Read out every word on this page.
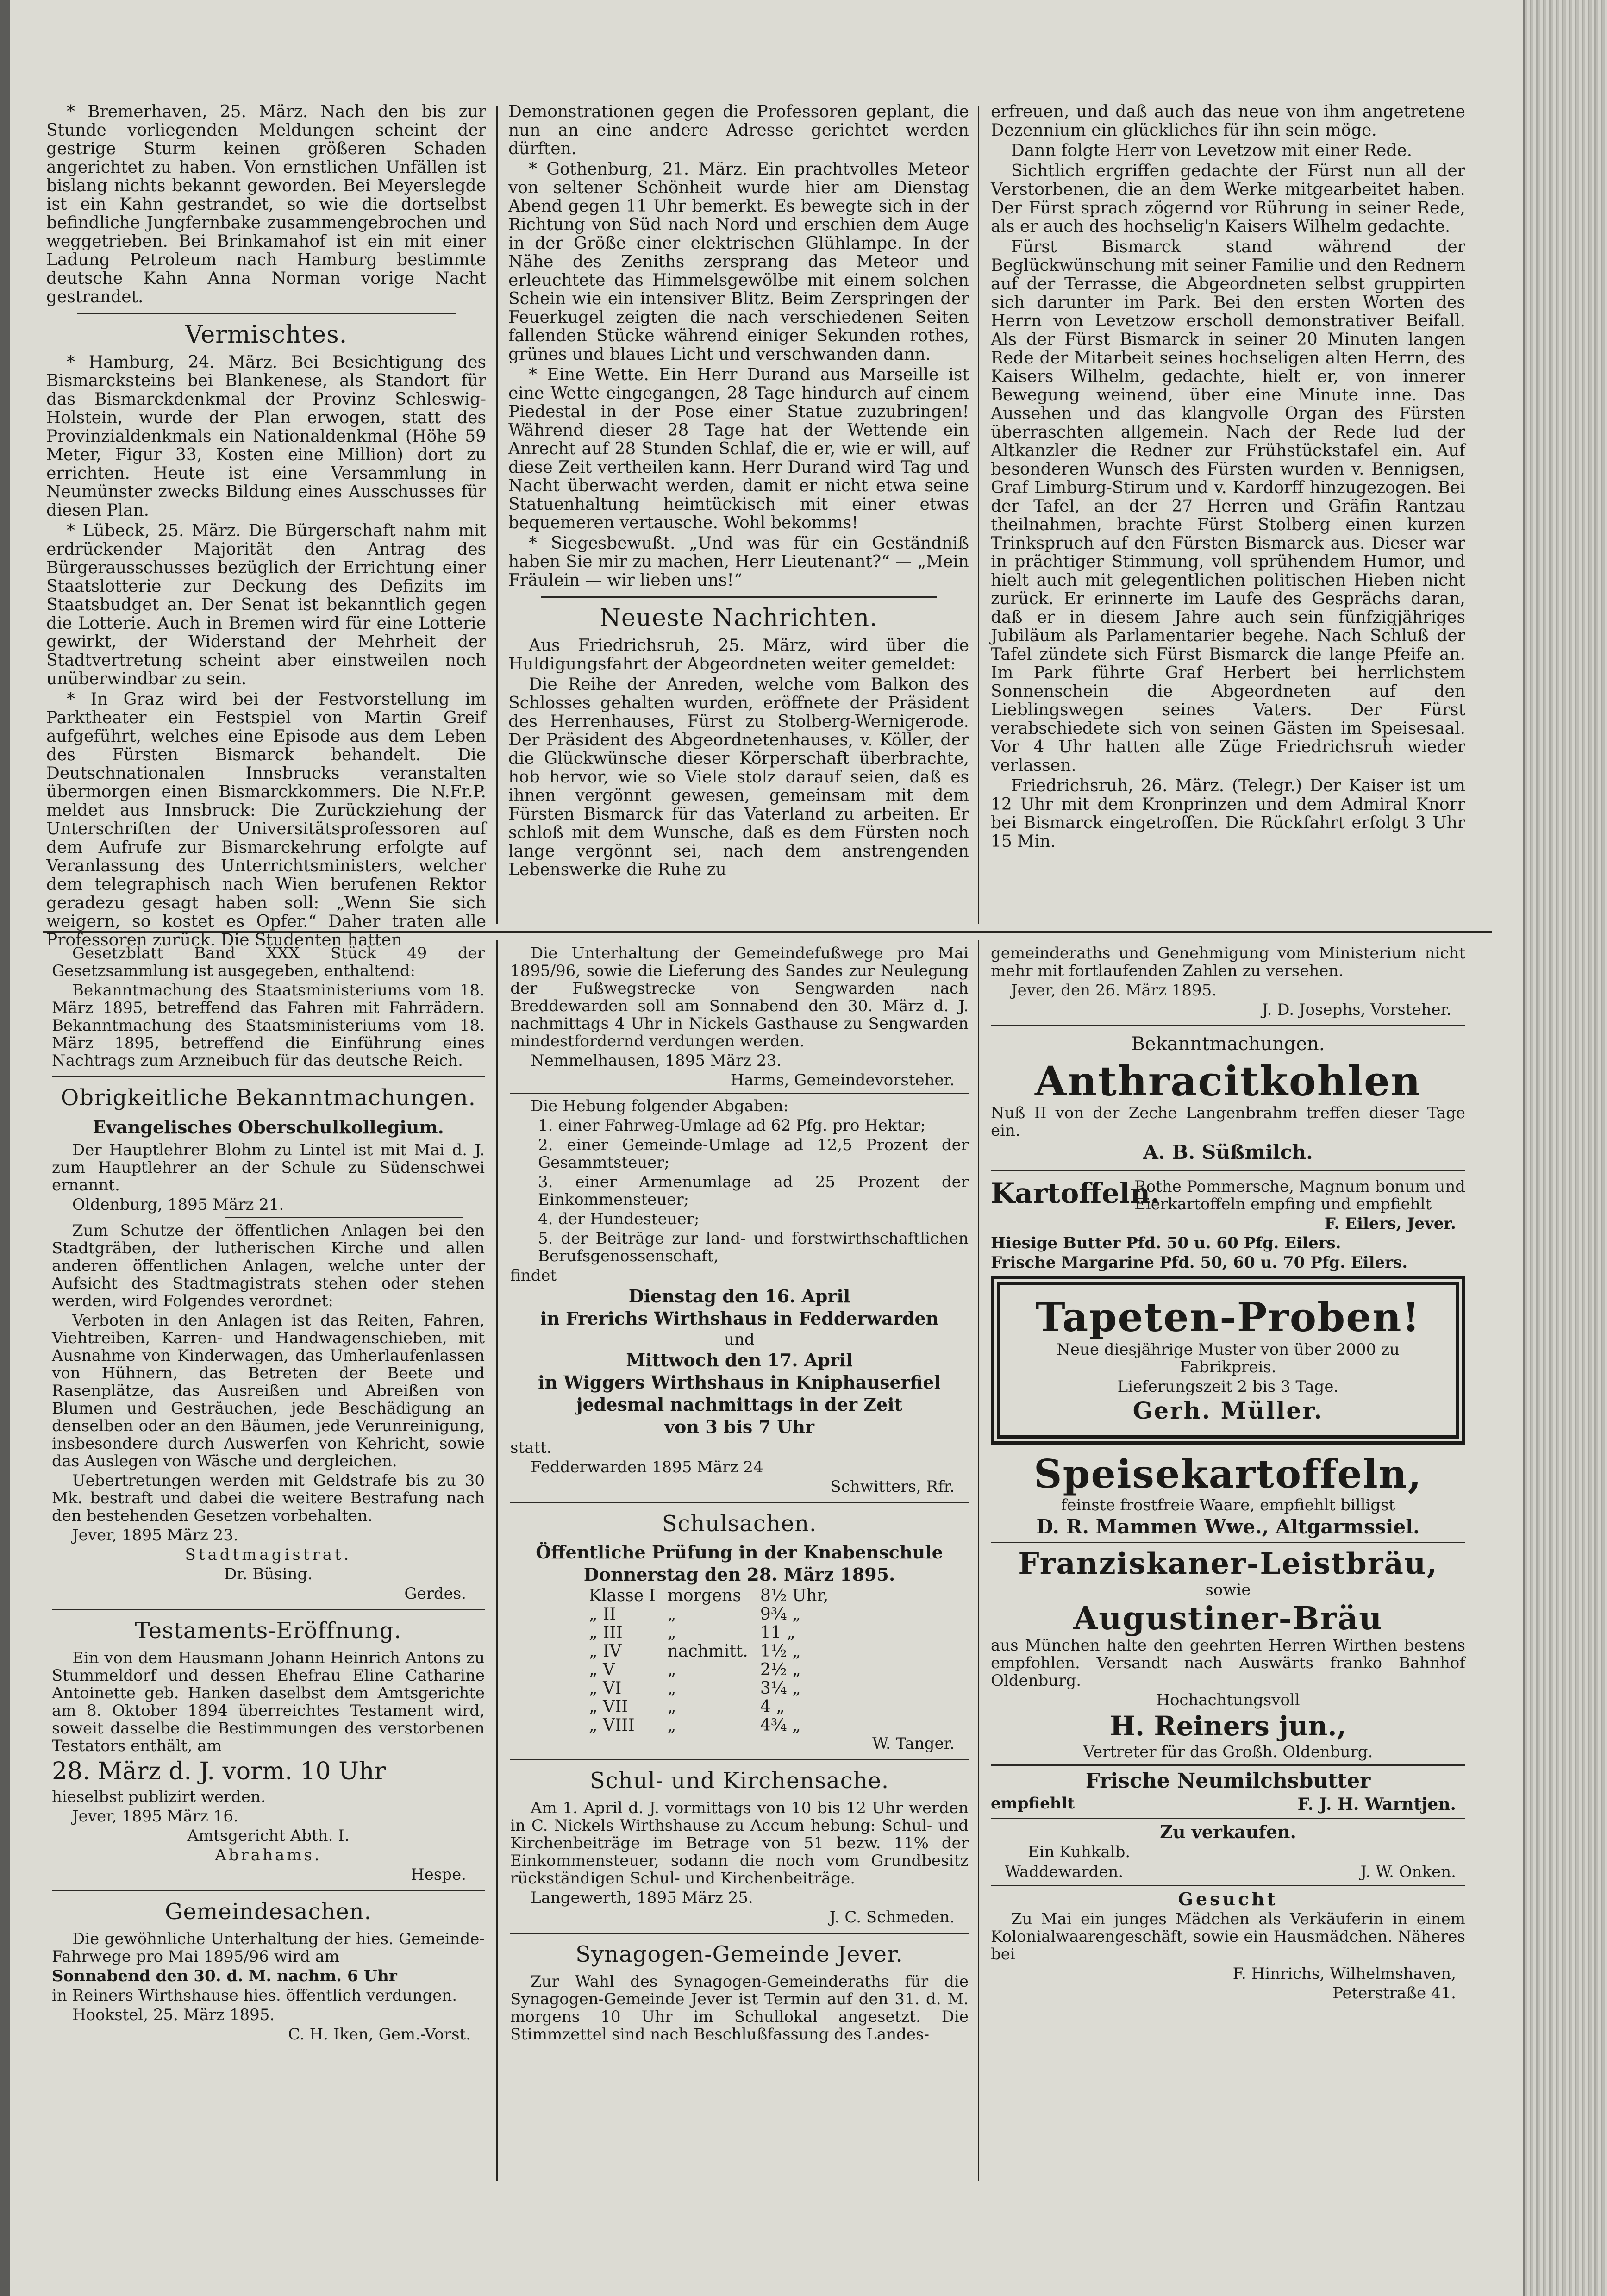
* Bremerhaven, 25. März. Nach den bis zur Stunde vorliegenden Meldungen scheint der gestrige Sturm keinen größeren Schaden angerichtet zu haben. Von ernstlichen Unfällen ist bislang nichts bekannt geworden. Bei Meyerslegde ist ein Kahn gestrandet, so wie die dortselbst befindliche Jungfernbake zusammengebrochen und weggetrieben. Bei Brinkamahof ist ein mit einer Ladung Petroleum nach Hamburg bestimmte deutsche Kahn Anna Norman vorige Nacht gestrandet.

Vermischtes.

* Hamburg, 24. März. Bei Besichtigung des Bismarcksteins bei Blankenese, als Standort für das Bismarckdenkmal der Provinz Schleswig-Holstein, wurde der Plan erwogen, statt des Provinzialdenkmals ein Nationaldenkmal (Höhe 59 Meter, Figur 33, Kosten eine Million) dort zu errichten. Heute ist eine Versammlung in Neumünster zwecks Bildung eines Ausschusses für diesen Plan.

* Lübeck, 25. März. Die Bürgerschaft nahm mit erdrückender Majorität den Antrag des Bürgerausschusses bezüglich der Errichtung einer Staatslotterie zur Deckung des Defizits im Staatsbudget an. Der Senat ist bekanntlich gegen die Lotterie. Auch in Bremen wird für eine Lotterie gewirkt, der Widerstand der Mehrheit der Stadtvertretung scheint aber einstweilen noch unüberwindbar zu sein.

* In Graz wird bei der Festvorstellung im Parktheater ein Festspiel von Martin Greif aufgeführt, welches eine Episode aus dem Leben des Fürsten Bismarck behandelt. Die Deutschnationalen Innsbrucks veranstalten übermorgen einen Bismarckkommers. Die N.Fr.P. meldet aus Innsbruck: Die Zurückziehung der Unterschriften der Universitätsprofessoren auf dem Aufrufe zur Bismarckehrung erfolgte auf Veranlassung des Unterrichtsministers, welcher dem telegraphisch nach Wien berufenen Rektor geradezu gesagt haben soll: „Wenn Sie sich weigern, so kostet es Opfer.“ Daher traten alle Professoren zurück. Die Studenten hatten

Demonstrationen gegen die Professoren geplant, die nun an eine andere Adresse gerichtet werden dürften.

* Gothenburg, 21. März. Ein prachtvolles Meteor von seltener Schönheit wurde hier am Dienstag Abend gegen 11 Uhr bemerkt. Es bewegte sich in der Richtung von Süd nach Nord und erschien dem Auge in der Größe einer elektrischen Glühlampe. In der Nähe des Zeniths zersprang das Meteor und erleuchtete das Himmelsgewölbe mit einem solchen Schein wie ein intensiver Blitz. Beim Zerspringen der Feuerkugel zeigten die nach verschiedenen Seiten fallenden Stücke während einiger Sekunden rothes, grünes und blaues Licht und verschwanden dann.

* Eine Wette. Ein Herr Durand aus Marseille ist eine Wette eingegangen, 28 Tage hindurch auf einem Piedestal in der Pose einer Statue zuzubringen! Während dieser 28 Tage hat der Wettende ein Anrecht auf 28 Stunden Schlaf, die er, wie er will, auf diese Zeit vertheilen kann. Herr Durand wird Tag und Nacht überwacht werden, damit er nicht etwa seine Statuenhaltung heimtückisch mit einer etwas bequemeren vertausche. Wohl bekomms!

* Siegesbewußt. „Und was für ein Geständniß haben Sie mir zu machen, Herr Lieutenant?“ — „Mein Fräulein — wir lieben uns!“

Neueste Nachrichten.

Aus Friedrichsruh, 25. März, wird über die Huldigungsfahrt der Abgeordneten weiter gemeldet:

Die Reihe der Anreden, welche vom Balkon des Schlosses gehalten wurden, eröffnete der Präsident des Herrenhauses, Fürst zu Stolberg-Wernigerode. Der Präsident des Abgeordnetenhauses, v. Köller, der die Glückwünsche dieser Körperschaft überbrachte, hob hervor, wie so Viele stolz darauf seien, daß es ihnen vergönnt gewesen, gemeinsam mit dem Fürsten Bismarck für das Vaterland zu arbeiten. Er schloß mit dem Wunsche, daß es dem Fürsten noch lange vergönnt sei, nach dem anstrengenden Lebenswerke die Ruhe zu

erfreuen, und daß auch das neue von ihm angetretene Dezennium ein glückliches für ihn sein möge.

Dann folgte Herr von Levetzow mit einer Rede.

Sichtlich ergriffen gedachte der Fürst nun all der Verstorbenen, die an dem Werke mitgearbeitet haben. Der Fürst sprach zögernd vor Rührung in seiner Rede, als er auch des hochselig'n Kaisers Wilhelm gedachte.

Fürst Bismarck stand während der Beglückwünschung mit seiner Familie und den Rednern auf der Terrasse, die Abgeordneten selbst gruppirten sich darunter im Park. Bei den ersten Worten des Herrn von Levetzow erscholl demonstrativer Beifall. Als der Fürst Bismarck in seiner 20 Minuten langen Rede der Mitarbeit seines hochseligen alten Herrn, des Kaisers Wilhelm, gedachte, hielt er, von innerer Bewegung weinend, über eine Minute inne. Das Aussehen und das klangvolle Organ des Fürsten überraschten allgemein. Nach der Rede lud der Altkanzler die Redner zur Frühstückstafel ein. Auf besonderen Wunsch des Fürsten wurden v. Bennigsen, Graf Limburg-Stirum und v. Kardorff hinzugezogen. Bei der Tafel, an der 27 Herren und Gräfin Rantzau theilnahmen, brachte Fürst Stolberg einen kurzen Trinkspruch auf den Fürsten Bismarck aus. Dieser war in prächtiger Stimmung, voll sprühendem Humor, und hielt auch mit gelegentlichen politischen Hieben nicht zurück. Er erinnerte im Laufe des Gesprächs daran, daß er in diesem Jahre auch sein fünfzigjähriges Jubiläum als Parlamentarier begehe. Nach Schluß der Tafel zündete sich Fürst Bismarck die lange Pfeife an. Im Park führte Graf Herbert bei herrlichstem Sonnenschein die Abgeordneten auf den Lieblingswegen seines Vaters. Der Fürst verabschiedete sich von seinen Gästen im Speisesaal. Vor 4 Uhr hatten alle Züge Friedrichsruh wieder verlassen.

Friedrichsruh, 26. März. (Telegr.) Der Kaiser ist um 12 Uhr mit dem Kronprinzen und dem Admiral Knorr bei Bismarck eingetroffen. Die Rückfahrt erfolgt 3 Uhr 15 Min.

Gesetzblatt Band XXX Stück 49 der Gesetzsammlung ist ausgegeben, enthaltend:

Bekanntmachung des Staatsministeriums vom 18. März 1895, betreffend das Fahren mit Fahrrädern. Bekanntmachung des Staatsministeriums vom 18. März 1895, betreffend die Einführung eines Nachtrags zum Arzneibuch für das deutsche Reich.

Obrigkeitliche Bekanntmachungen.
Evangelisches Oberschulkollegium.

Der Hauptlehrer Blohm zu Lintel ist mit Mai d. J. zum Hauptlehrer an der Schule zu Südenschwei ernannt.

Oldenburg, 1895 März 21.

Zum Schutze der öffentlichen Anlagen bei den Stadtgräben, der lutherischen Kirche und allen anderen öffentlichen Anlagen, welche unter der Aufsicht des Stadtmagistrats stehen oder stehen werden, wird Folgendes verordnet:

Verboten in den Anlagen ist das Reiten, Fahren, Viehtreiben, Karren- und Handwagenschieben, mit Ausnahme von Kinderwagen, das Umherlaufenlassen von Hühnern, das Betreten der Beete und Rasenplätze, das Ausreißen und Abreißen von Blumen und Gesträuchen, jede Beschädigung an denselben oder an den Bäumen, jede Verunreinigung, insbesondere durch Auswerfen von Kehricht, sowie das Auslegen von Wäsche und dergleichen.

Uebertretungen werden mit Geldstrafe bis zu 30 Mk. bestraft und dabei die weitere Bestrafung nach den bestehenden Gesetzen vorbehalten.

Jever, 1895 März 23.

Stadtmagistrat.

Dr. Büsing.

Gerdes.

Testaments-Eröffnung.

Ein von dem Hausmann Johann Heinrich Antons zu Stummeldorf und dessen Ehefrau Eline Catharine Antoinette geb. Hanken daselbst dem Amtsgerichte am 8. Oktober 1894 überreichtes Testament wird, soweit dasselbe die Bestimmungen des verstorbenen Testators enthält, am

28. März d. J. vorm. 10 Uhr

hieselbst publizirt werden.

Jever, 1895 März 16.

Amtsgericht Abth. I.

Abrahams.

Hespe.

Gemeindesachen.

Die gewöhnliche Unterhaltung der hies. Gemeinde-Fahrwege pro Mai 1895/96 wird am

Sonnabend den 30. d. M. nachm. 6 Uhr

in Reiners Wirthshause hies. öffentlich verdungen.

Hookstel, 25. März 1895.

C. H. Iken, Gem.-Vorst.

Die Unterhaltung der Gemeindefußwege pro Mai 1895/96, sowie die Lieferung des Sandes zur Neulegung der Fußwegstrecke von Sengwarden nach Breddewarden soll am Sonnabend den 30. März d. J. nachmittags 4 Uhr in Nickels Gasthause zu Sengwarden mindestfordernd verdungen werden.

Nemmelhausen, 1895 März 23.

Harms, Gemeindevorsteher.

Die Hebung folgender Abgaben:

1. einer Fahrweg-Umlage ad 62 Pfg. pro Hektar;

2. einer Gemeinde-Umlage ad 12,5 Prozent der Gesammtsteuer;

3. einer Armenumlage ad 25 Prozent der Einkommensteuer;

4. der Hundesteuer;

5. der Beiträge zur land- und forstwirthschaftlichen Berufsgenossenschaft,

findet

Dienstag den 16. April

in Frerichs Wirthshaus in Fedderwarden

und

Mittwoch den 17. April

in Wiggers Wirthshaus in Kniphauserfiel

jedesmal nachmittags in der Zeit

von 3 bis 7 Uhr

statt.

Fedderwarden 1895 März 24

Schwitters, Rfr.

Schulsachen.

Öffentliche Prüfung in der Knabenschule

Donnerstag den 28. März 1895.

Klasse I	morgens	8½ Uhr,
„ II	„	9¾ „
„ III	„	11 „
„ IV	nachmitt.	1½ „
„ V	„	2½ „
„ VI	„	3¼ „
„ VII	„	4 „
„ VIII	„	4¾ „

W. Tanger.

Schul- und Kirchensache.

Am 1. April d. J. vormittags von 10 bis 12 Uhr werden in C. Nickels Wirthshause zu Accum hebung: Schul- und Kirchenbeiträge im Betrage von 51 bezw. 11% der Einkommensteuer, sodann die noch vom Grundbesitz rückständigen Schul- und Kirchenbeiträge.

Langewerth, 1895 März 25.

J. C. Schmeden.

Synagogen-Gemeinde Jever.

Zur Wahl des Synagogen-Gemeinderaths für die Synagogen-Gemeinde Jever ist Termin auf den 31. d. M. morgens 10 Uhr im Schullokal angesetzt. Die Stimmzettel sind nach Beschlußfassung des Landes-

gemeinderaths und Genehmigung vom Ministerium nicht mehr mit fortlaufenden Zahlen zu versehen.

Jever, den 26. März 1895.

J. D. Josephs, Vorsteher.

Bekanntmachungen.
Anthracitkohlen

Nuß II von der Zeche Langenbrahm treffen dieser Tage ein.

A. B. Süßmilch.

Kartoffeln.

Rothe Pommersche, Magnum bonum und Eierkartoffeln empfing und empfiehlt

F. Eilers, Jever.

Hiesige Butter Pfd. 50 u. 60 Pfg. Eilers.

Frische Margarine Pfd. 50, 60 u. 70 Pfg. Eilers.

Tapeten-Proben!

Neue diesjährige Muster von über 2000 zu Fabrikpreis.

Lieferungszeit 2 bis 3 Tage.

Gerh. Müller.

Speisekartoffeln,

feinste frostfreie Waare, empfiehlt billigst

D. R. Mammen Wwe., Altgarmssiel.

Franziskaner-Leistbräu,

sowie

Augustiner-Bräu

aus München halte den geehrten Herren Wirthen bestens empfohlen. Versandt nach Auswärts franko Bahnhof Oldenburg.

Hochachtungsvoll

H. Reiners jun.,

Vertreter für das Großh. Oldenburg.

Frische Neumilchsbutter

empfiehlt	F. J. H. Warntjen.

Zu verkaufen.

Ein Kuhkalb.

Waddewarden.	J. W. Onken.

Gesucht

Zu Mai ein junges Mädchen als Verkäuferin in einem Kolonialwaarengeschäft, sowie ein Hausmädchen. Näheres bei

F. Hinrichs, Wilhelmshaven,

Peterstraße 41.
